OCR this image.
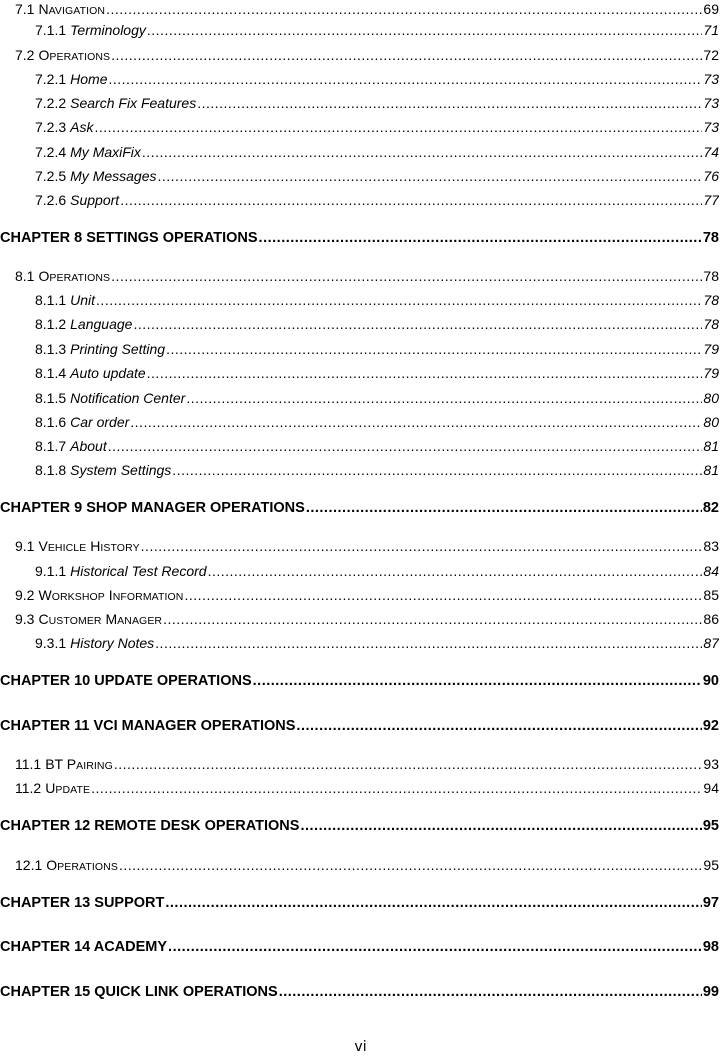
7.1 NAVIGATION .....	69
7.1.1 Terminology .....	71
7.2 OPERATIONS .....	72
7.2.1 Home .....	73
7.2.2 Search Fix Features .....	73
7.2.3 Ask .....	73
7.2.4 My MaxiFix .....	74
7.2.5 My Messages .....	76
7.2.6 Support .....	77
CHAPTER 8 SETTINGS OPERATIONS .....	78
8.1 OPERATIONS .....	78
8.1.1 Unit .....	78
8.1.2 Language .....	78
8.1.3 Printing Setting .....	79
8.1.4 Auto update .....	79
8.1.5 Notification Center .....	80
8.1.6 Car order .....	80
8.1.7 About .....	81
8.1.8 System Settings .....	81
CHAPTER 9 SHOP MANAGER OPERATIONS .....	82
9.1 VEHICLE HISTORY .....	83
9.1.1 Historical Test Record .....	84
9.2 WORKSHOP INFORMATION .....	85
9.3 CUSTOMER MANAGER .....	86
9.3.1 History Notes .....	87
CHAPTER 10 UPDATE OPERATIONS .....	90
CHAPTER 11 VCI MANAGER OPERATIONS .....	92
11.1 BT PAIRING .....	93
11.2 UPDATE .....	94
CHAPTER 12 REMOTE DESK OPERATIONS .....	95
12.1 OPERATIONS .....	95
CHAPTER 13 SUPPORT .....	97
CHAPTER 14 ACADEMY .....	98
CHAPTER 15 QUICK LINK OPERATIONS .....	99
vi
